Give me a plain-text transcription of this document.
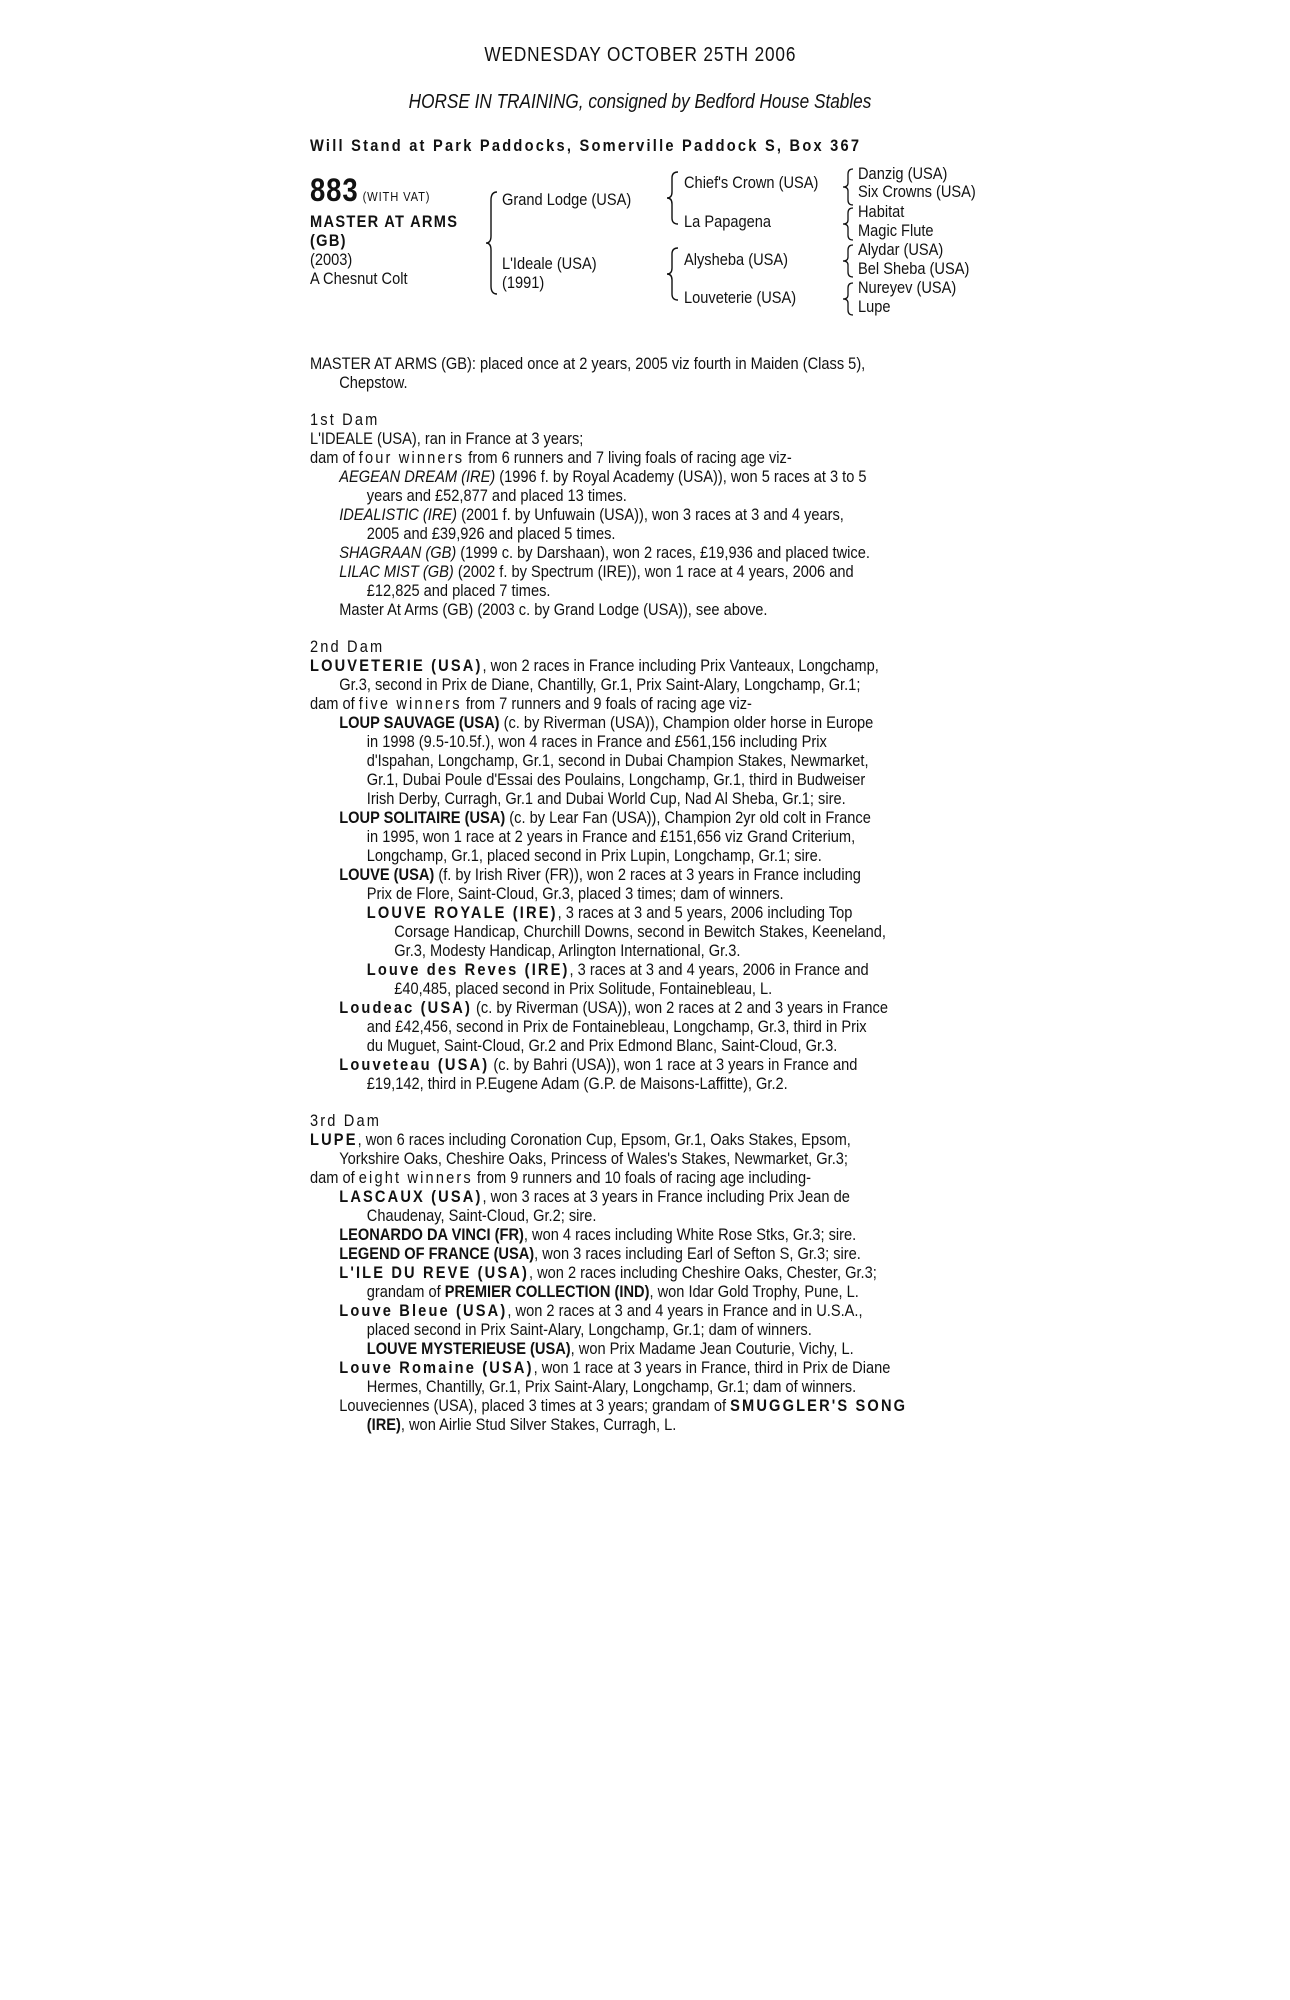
WEDNESDAY OCTOBER 25TH 2006
HORSE IN TRAINING, consigned by Bedford House Stables
Will Stand at Park Paddocks, Somerville Paddock S, Box 367
883 (WITH VAT)
MASTER AT ARMS
(GB)
(2003)
A Chesnut Colt
Grand Lodge (USA)
L'Ideale (USA)
(1991)
Chief's Crown (USA)
La Papagena
Alysheba (USA)
Louveterie (USA)
Danzig (USA)
Six Crowns (USA)
Habitat
Magic Flute
Alydar (USA)
Bel Sheba (USA)
Nureyev (USA)
Lupe
MASTER AT ARMS (GB): placed once at 2 years, 2005 viz fourth in Maiden (Class 5),
Chepstow.
1st Dam
L'IDEALE (USA), ran in France at 3 years;
dam of four winners from 6 runners and 7 living foals of racing age viz-
AEGEAN DREAM (IRE) (1996 f. by Royal Academy (USA)), won 5 races at 3 to 5
years and £52,877 and placed 13 times.
IDEALISTIC (IRE) (2001 f. by Unfuwain (USA)), won 3 races at 3 and 4 years,
2005 and £39,926 and placed 5 times.
SHAGRAAN (GB) (1999 c. by Darshaan), won 2 races, £19,936 and placed twice.
LILAC MIST (GB) (2002 f. by Spectrum (IRE)), won 1 race at 4 years, 2006 and
£12,825 and placed 7 times.
Master At Arms (GB) (2003 c. by Grand Lodge (USA)), see above.
2nd Dam
LOUVETERIE (USA), won 2 races in France including Prix Vanteaux, Longchamp,
Gr.3, second in Prix de Diane, Chantilly, Gr.1, Prix Saint-Alary, Longchamp, Gr.1;
dam of five winners from 7 runners and 9 foals of racing age viz-
LOUP SAUVAGE (USA) (c. by Riverman (USA)), Champion older horse in Europe
in 1998 (9.5-10.5f.), won 4 races in France and £561,156 including Prix
d'Ispahan, Longchamp, Gr.1, second in Dubai Champion Stakes, Newmarket,
Gr.1, Dubai Poule d'Essai des Poulains, Longchamp, Gr.1, third in Budweiser
Irish Derby, Curragh, Gr.1 and Dubai World Cup, Nad Al Sheba, Gr.1; sire.
LOUP SOLITAIRE (USA) (c. by Lear Fan (USA)), Champion 2yr old colt in France
in 1995, won 1 race at 2 years in France and £151,656 viz Grand Criterium,
Longchamp, Gr.1, placed second in Prix Lupin, Longchamp, Gr.1; sire.
LOUVE (USA) (f. by Irish River (FR)), won 2 races at 3 years in France including
Prix de Flore, Saint-Cloud, Gr.3, placed 3 times; dam of winners.
LOUVE ROYALE (IRE), 3 races at 3 and 5 years, 2006 including Top
Corsage Handicap, Churchill Downs, second in Bewitch Stakes, Keeneland,
Gr.3, Modesty Handicap, Arlington International, Gr.3.
Louve des Reves (IRE), 3 races at 3 and 4 years, 2006 in France and
£40,485, placed second in Prix Solitude, Fontainebleau, L.
Loudeac (USA) (c. by Riverman (USA)), won 2 races at 2 and 3 years in France
and £42,456, second in Prix de Fontainebleau, Longchamp, Gr.3, third in Prix
du Muguet, Saint-Cloud, Gr.2 and Prix Edmond Blanc, Saint-Cloud, Gr.3.
Louveteau (USA) (c. by Bahri (USA)), won 1 race at 3 years in France and
£19,142, third in P.Eugene Adam (G.P. de Maisons-Laffitte), Gr.2.
3rd Dam
LUPE, won 6 races including Coronation Cup, Epsom, Gr.1, Oaks Stakes, Epsom,
Yorkshire Oaks, Cheshire Oaks, Princess of Wales's Stakes, Newmarket, Gr.3;
dam of eight winners from 9 runners and 10 foals of racing age including-
LASCAUX (USA), won 3 races at 3 years in France including Prix Jean de
Chaudenay, Saint-Cloud, Gr.2; sire.
LEONARDO DA VINCI (FR), won 4 races including White Rose Stks, Gr.3; sire.
LEGEND OF FRANCE (USA), won 3 races including Earl of Sefton S, Gr.3; sire.
L'ILE DU REVE (USA), won 2 races including Cheshire Oaks, Chester, Gr.3;
grandam of PREMIER COLLECTION (IND), won Idar Gold Trophy, Pune, L.
Louve Bleue (USA), won 2 races at 3 and 4 years in France and in U.S.A.,
placed second in Prix Saint-Alary, Longchamp, Gr.1; dam of winners.
LOUVE MYSTERIEUSE (USA), won Prix Madame Jean Couturie, Vichy, L.
Louve Romaine (USA), won 1 race at 3 years in France, third in Prix de Diane
Hermes, Chantilly, Gr.1, Prix Saint-Alary, Longchamp, Gr.1; dam of winners.
Louveciennes (USA), placed 3 times at 3 years; grandam of SMUGGLER'S SONG
(IRE), won Airlie Stud Silver Stakes, Curragh, L.
